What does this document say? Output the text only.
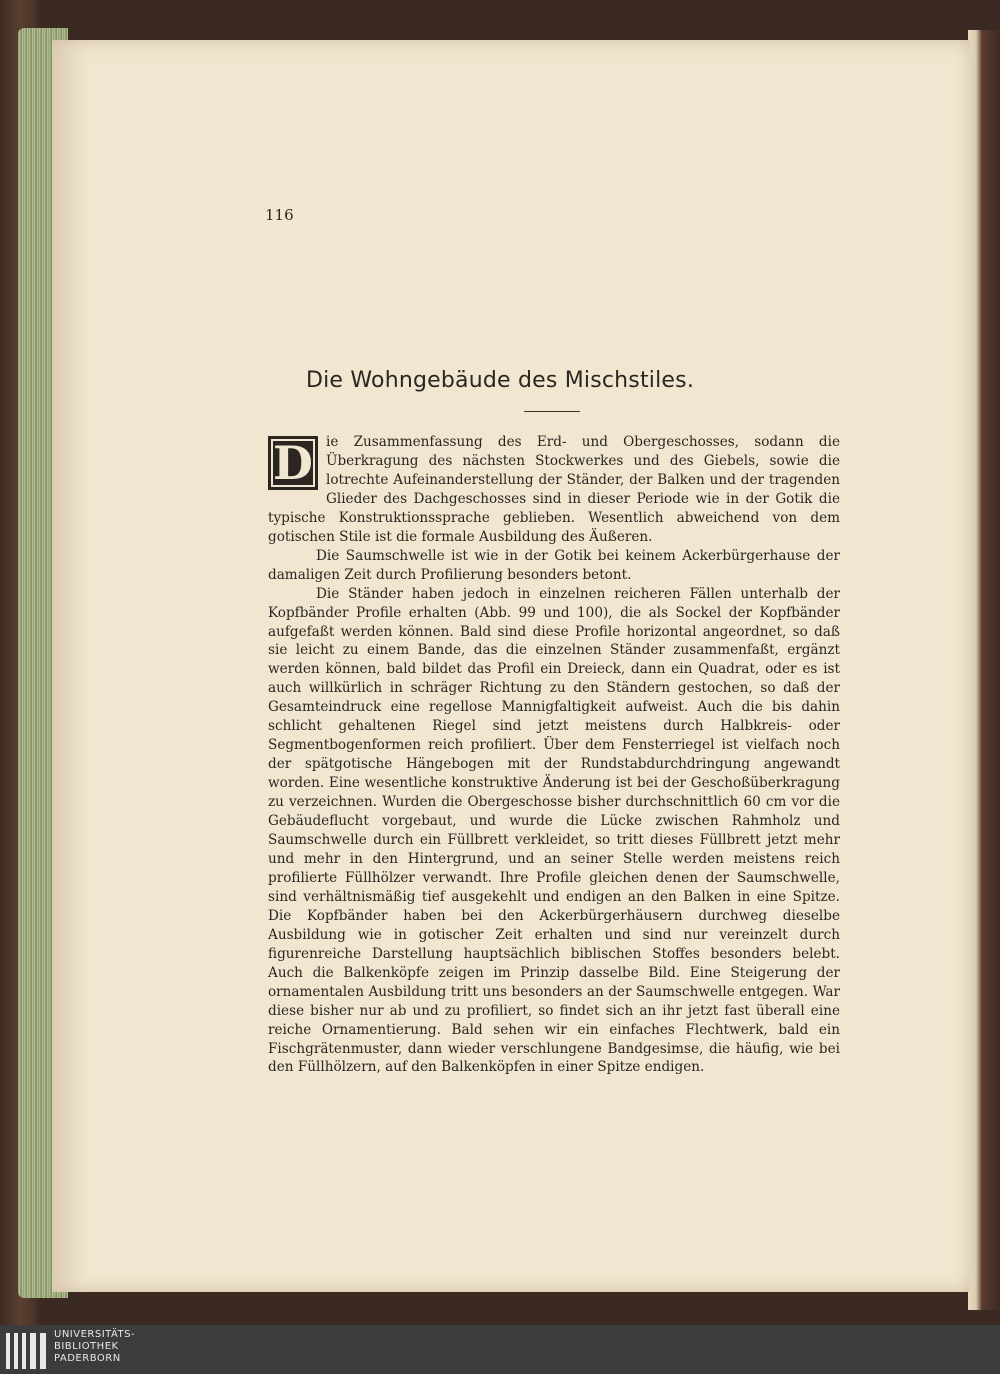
116
Die Wohngebäude des Mischstiles.

D ie Zusammenfassung des Erd- und Obergeschosses, sodann die Überkragung des nächsten Stockwerkes und des Giebels, sowie die lotrechte Aufeinanderstellung der Ständer, der Balken und der tragenden Glieder des Dachgeschosses sind in dieser Periode wie in der Gotik die typische Konstruktionssprache geblieben. Wesentlich abweichend von dem gotischen Stile ist die formale Ausbildung des Äußeren.

Die Saumschwelle ist wie in der Gotik bei keinem Ackerbürgerhause der damaligen Zeit durch Profilierung besonders betont.

Die Ständer haben jedoch in einzelnen reicheren Fällen unterhalb der Kopfbänder Profile erhalten (Abb. 99 und 100), die als Sockel der Kopfbänder aufgefaßt werden können. Bald sind diese Profile horizontal angeordnet, so daß sie leicht zu einem Bande, das die einzelnen Ständer zusammenfaßt, ergänzt werden können, bald bildet das Profil ein Dreieck, dann ein Quadrat, oder es ist auch willkürlich in schräger Richtung zu den Ständern gestochen, so daß der Gesamteindruck eine regellose Mannigfaltigkeit aufweist. Auch die bis dahin schlicht gehaltenen Riegel sind jetzt meistens durch Halbkreis- oder Segmentbogenformen reich profiliert. Über dem Fensterriegel ist vielfach noch der spätgotische Hängebogen mit der Rundstabdurchdringung angewandt worden. Eine wesentliche konstruktive Änderung ist bei der Geschoßüberkragung zu verzeichnen. Wurden die Obergeschosse bisher durchschnittlich 60 cm vor die Gebäudeflucht vorgebaut, und wurde die Lücke zwischen Rahmholz und Saumschwelle durch ein Füllbrett verkleidet, so tritt dieses Füllbrett jetzt mehr und mehr in den Hintergrund, und an seiner Stelle werden meistens reich profilierte Füllhölzer verwandt. Ihre Profile gleichen denen der Saumschwelle, sind verhältnismäßig tief ausgekehlt und endigen an den Balken in eine Spitze. Die Kopfbänder haben bei den Ackerbürgerhäusern durchweg dieselbe Ausbildung wie in gotischer Zeit erhalten und sind nur vereinzelt durch figurenreiche Darstellung hauptsächlich biblischen Stoffes besonders belebt. Auch die Balkenköpfe zeigen im Prinzip dasselbe Bild. Eine Steigerung der ornamentalen Ausbildung tritt uns besonders an der Saumschwelle entgegen. War diese bisher nur ab und zu profiliert, so findet sich an ihr jetzt fast überall eine reiche Ornamentierung. Bald sehen wir ein einfaches Flechtwerk, bald ein Fischgrätenmuster, dann wieder verschlungene Bandgesimse, die häufig, wie bei den Füllhölzern, auf den Balkenköpfen in einer Spitze endigen.

UNIVERSITÄTS-
BIBLIOTHEK
PADERBORN
